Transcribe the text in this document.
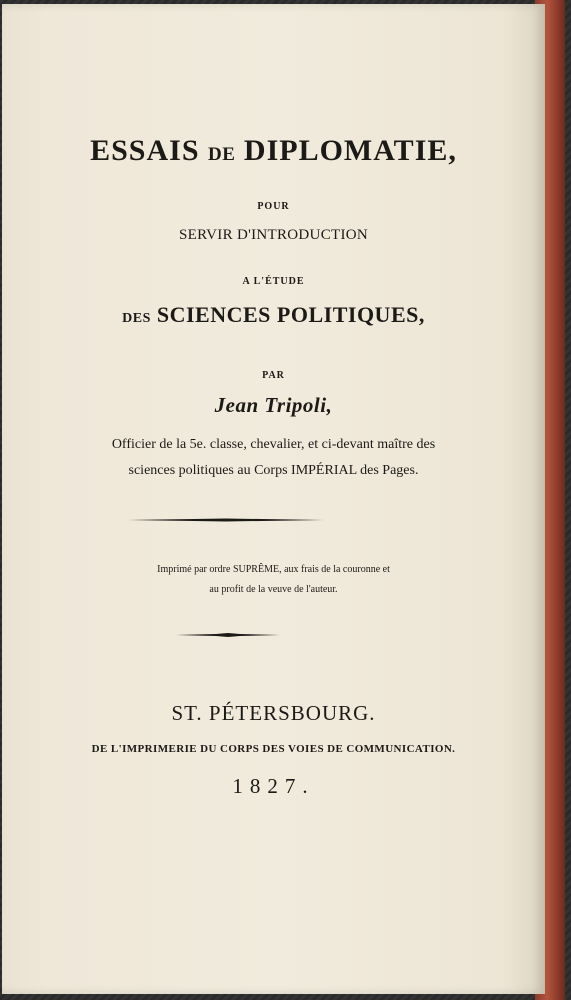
ESSAIS DE DIPLOMATIE,
POUR
SERVIR D'INTRODUCTION
A L'ÉTUDE
DES SCIENCES POLITIQUES,
PAR
Jean Tripoli,
Officier de la 5e. classe, chevalier, et ci-devant maître des
sciences politiques au Corps IMPÉRIAL des Pages.
Imprimé par ordre SUPRÊME, aux frais de la couronne et
au profit de la veuve de l'auteur.
ST. PÉTERSBOURG.
DE L'IMPRIMERIE DU CORPS DES VOIES DE COMMUNICATION.
1827.
